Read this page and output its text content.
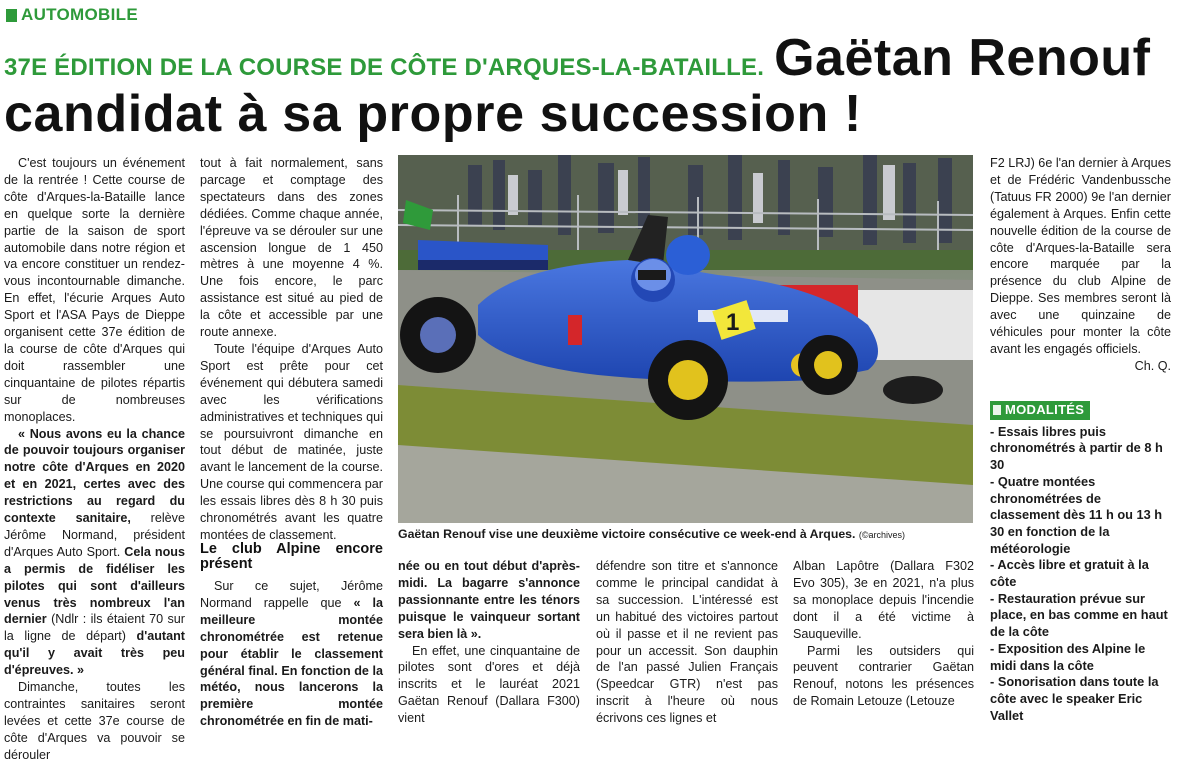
AUTOMOBILE
37E ÉDITION DE LA COURSE DE CÔTE D'ARQUES-LA-BATAILLE. Gaëtan Renouf
candidat à sa propre succession !

C'est toujours un événement de la rentrée ! Cette course de côte d'Arques-la-Bataille lance en quelque sorte la dernière partie de la saison de sport automobile dans notre région et va encore constituer un rendez-vous incontournable dimanche. En effet, l'écurie Arques Auto Sport et l'ASA Pays de Dieppe organisent cette 37e édition de la course de côte d'Arques qui doit rassembler une cinquantaine de pilotes répartis sur de nombreuses monoplaces.

« Nous avons eu la chance de pouvoir toujours organiser notre côte d'Arques en 2020 et en 2021, certes avec des restrictions au regard du contexte sanitaire, relève Jérôme Normand, président d'Arques Auto Sport. Cela nous a permis de fidéliser les pilotes qui sont d'ailleurs venus très nombreux l'an dernier (Ndlr : ils étaient 70 sur la ligne de départ) d'autant qu'il y avait très peu d'épreuves. »

Dimanche, toutes les contraintes sanitaires seront levées et cette 37e course de côte d'Arques va pouvoir se dérouler

tout à fait normalement, sans parcage et comptage des spectateurs dans des zones dédiées. Comme chaque année, l'épreuve va se dérouler sur une ascension longue de 1 450 mètres à une moyenne 4 %. Une fois encore, le parc assistance est situé au pied de la côte et accessible par une route annexe.

Toute l'équipe d'Arques Auto Sport est prête pour cet événement qui débutera samedi avec les vérifications administratives et techniques qui se poursuivront dimanche en tout début de matinée, juste avant le lancement de la course. Une course qui commencera par les essais libres dès 8 h 30 puis chronométrés avant les quatre montées de classement.

Le club Alpine encore présent

Sur ce sujet, Jérôme Normand rappelle que « la meilleure montée chronométrée est retenue pour établir le classement général final. En fonction de la météo, nous lancerons la première montée chronométrée en fin de mati-

1
Gaëtan Renouf vise une deuxième victoire consécutive ce week-end à Arques. (©archives)

née ou en tout début d'après-midi. La bagarre s'annonce passionnante entre les ténors puisque le vainqueur sortant sera bien là ».

En effet, une cinquantaine de pilotes sont d'ores et déjà inscrits et le lauréat 2021 Gaëtan Renouf (Dallara F300) vient

défendre son titre et s'annonce comme le principal candidat à sa succession. L'intéressé est un habitué des victoires partout où il passe et il ne revient pas pour un accessit. Son dauphin de l'an passé Julien Français (Speedcar GTR) n'est pas inscrit à l'heure où nous écrivons ces lignes et

Alban Lapôtre (Dallara F302 Evo 305), 3e en 2021, n'a plus sa monoplace depuis l'incendie dont il a été victime à Sauqueville.

Parmi les outsiders qui peuvent contrarier Gaëtan Renouf, notons les présences de Romain Letouze (Letouze

F2 LRJ) 6e l'an dernier à Arques et de Frédéric Vandenbussche (Tatuus FR 2000) 9e l'an dernier également à Arques. Enfin cette nouvelle édition de la course de côte d'Arques-la-Bataille sera encore marquée par la présence du club Alpine de Dieppe. Ses membres seront là avec une quinzaine de véhicules pour monter la côte avant les engagés officiels.

Ch. Q.

MODALITÉS
- Essais libres puis chronométrés à partir de 8 h 30
- Quatre montées chronométrées de classement dès 11 h ou 13 h 30 en fonction de la météorologie
- Accès libre et gratuit à la côte
- Restauration prévue sur place, en bas comme en haut de la côte
- Exposition des Alpine le midi dans la côte
- Sonorisation dans toute la côte avec le speaker Eric Vallet
